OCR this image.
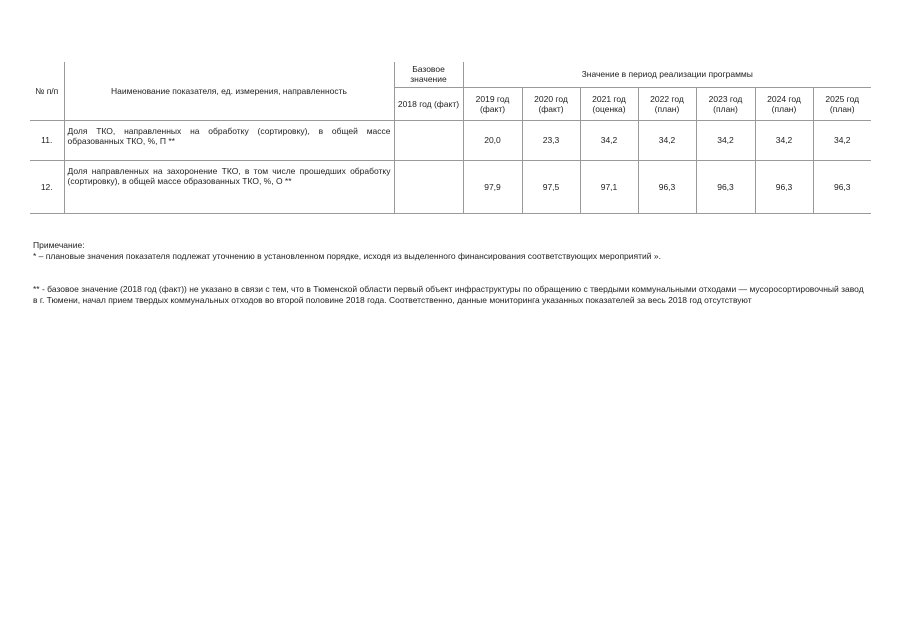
№ п/п	Наименование показателя, ед. измерения, направленность	Базовое значение	Значение в период реализации программы						
		2018 год (факт)	2019 год (факт)	2020 год (факт)	2021 год (оценка)	2022 год (план)	2023 год (план)	2024 год (план)	2025 год (план)
11.	Доля ТКО, направленных на обработку (сортировку), в общей массе образованных ТКО, %, П **		20,0	23,3	34,2	34,2	34,2	34,2	34,2
12.	Доля направленных на захоронение ТКО, в том числе прошедших обработку (сортировку), в общей массе образованных ТКО, %, О **		97,9	97,5	97,1	96,3	96,3	96,3	96,3

Примечание:

* – плановые значения показателя подлежат уточнению в установленном порядке, исходя из выделенного финансирования соответствующих мероприятий ».

** - базовое значение (2018 год (факт)) не указано в связи с тем, что в Тюменской области первый объект инфраструктуры по обращению с твердыми коммунальными отходами — мусоросортировочный завод в г. Тюмени, начал прием твердых коммунальных отходов во второй половине 2018 года. Соответственно, данные мониторинга указанных показателей за весь 2018 год отсутствуют
